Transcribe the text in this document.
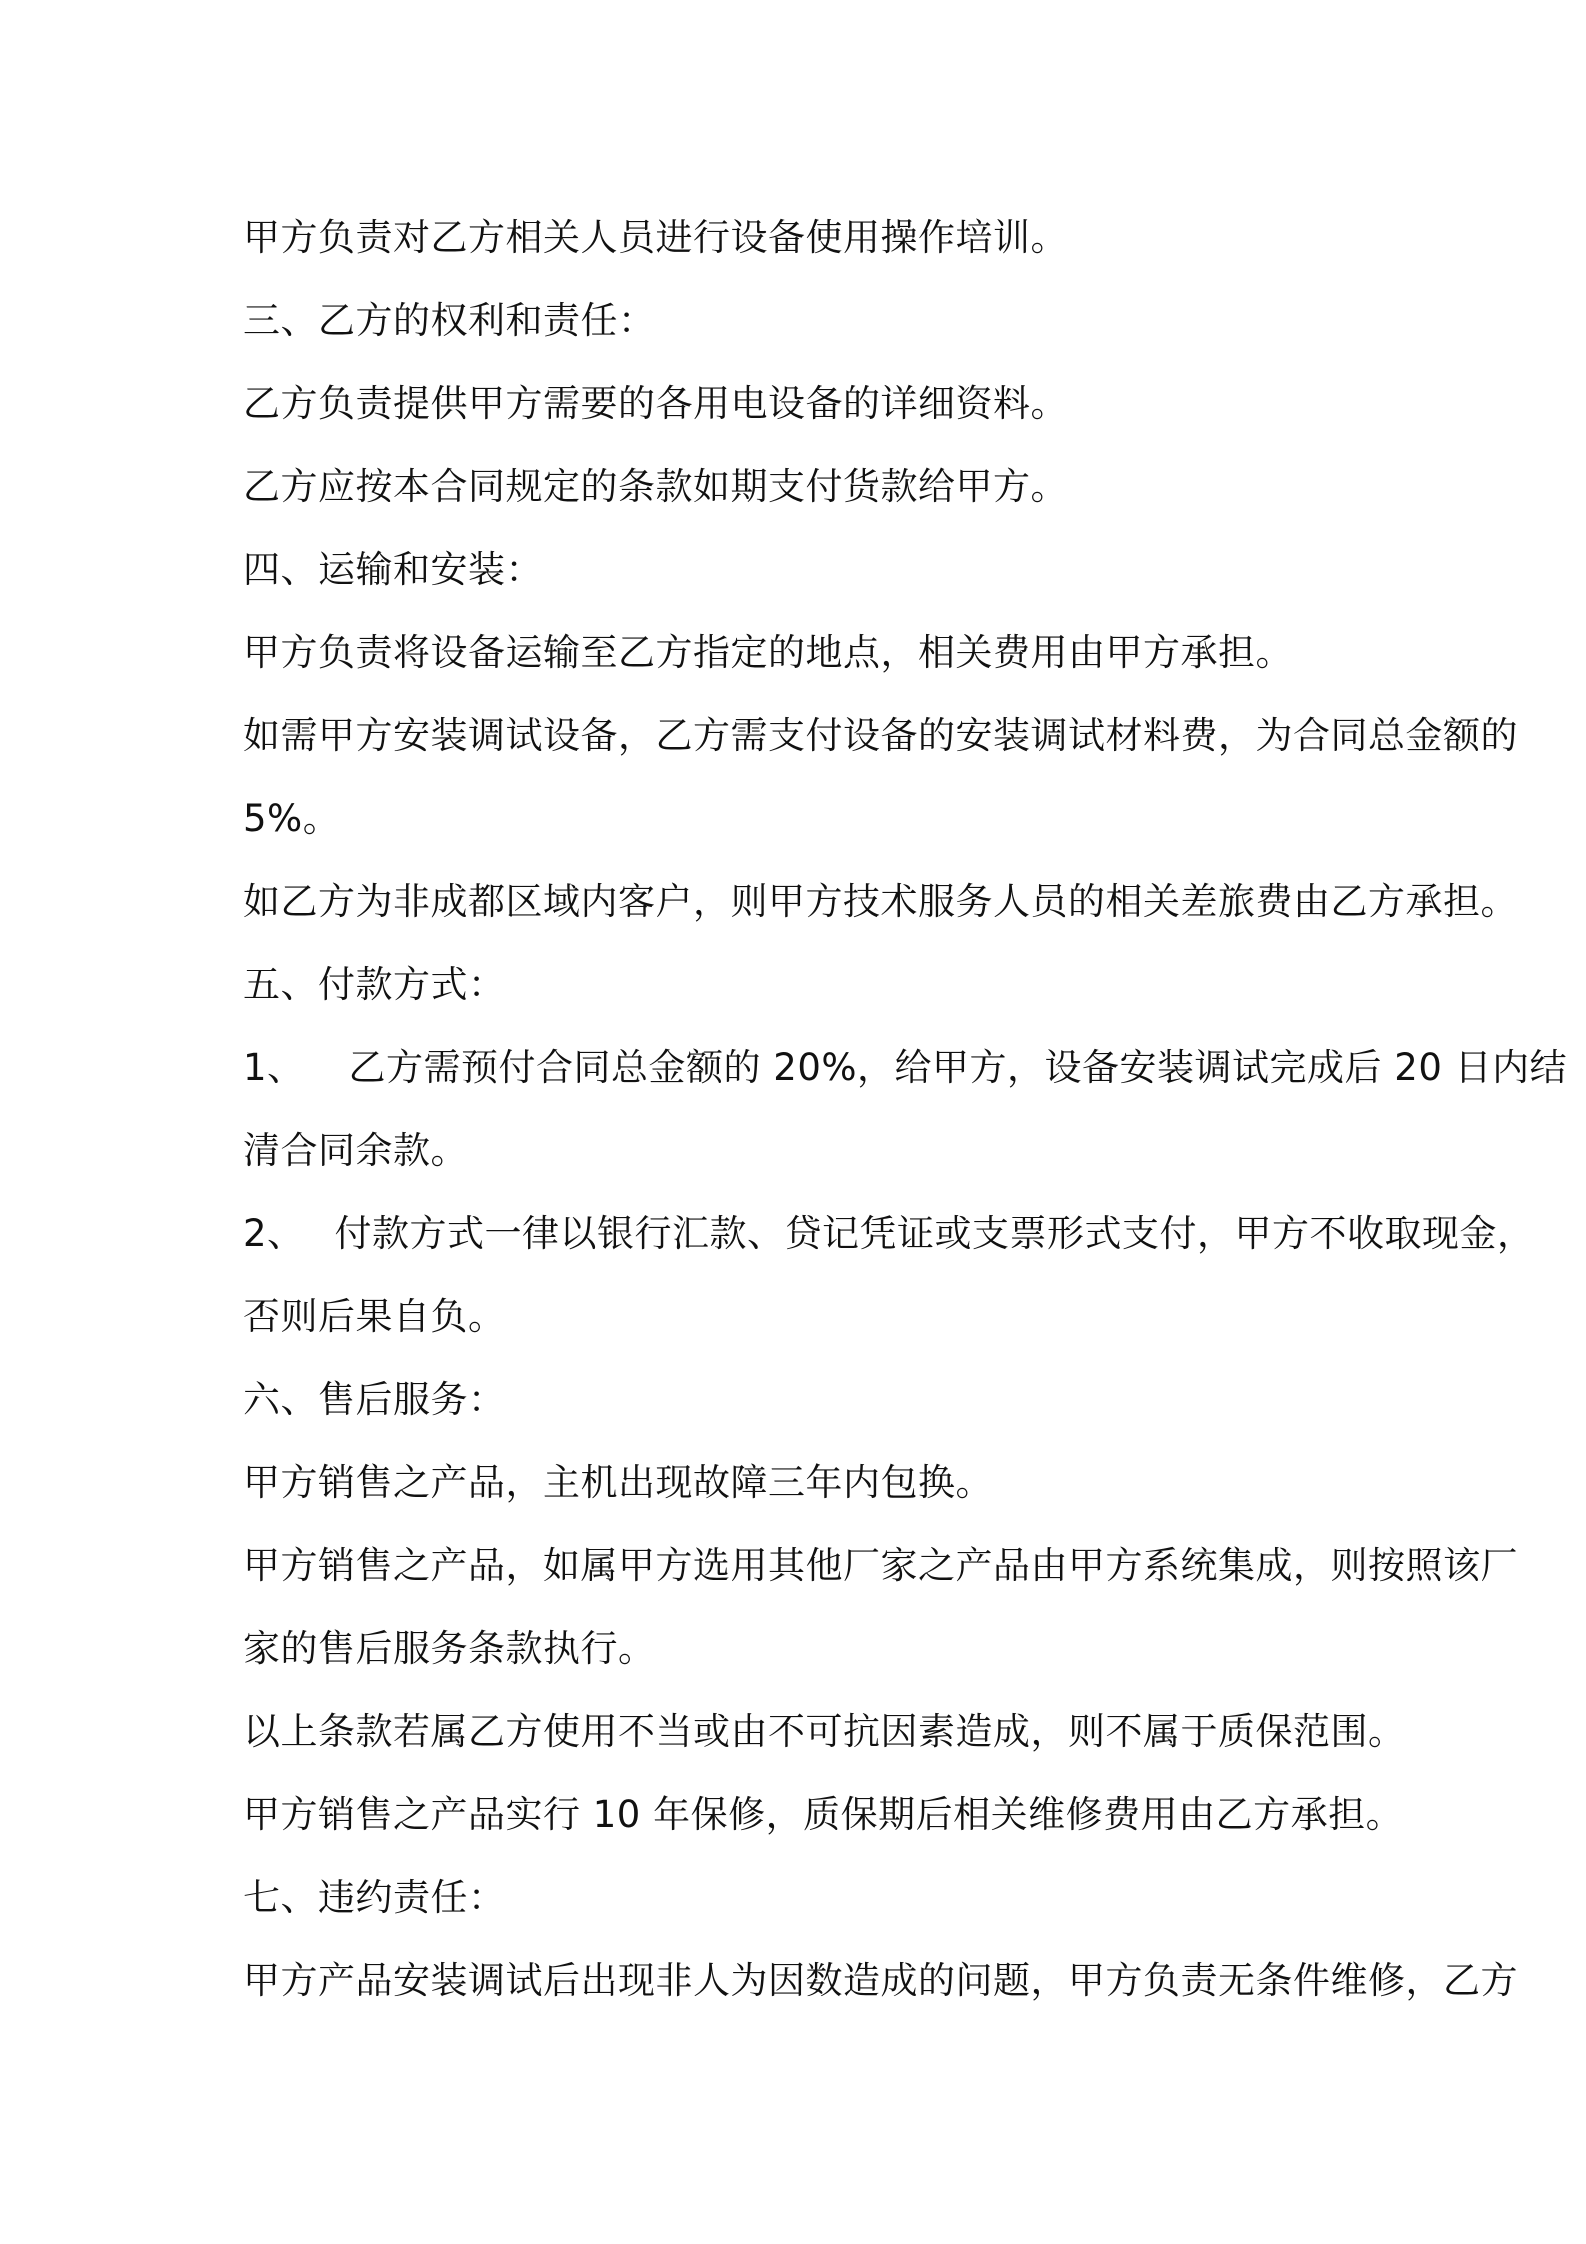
甲方负责对乙方相关人员进行设备使用操作培训。
三、乙方的权利和责任：
乙方负责提供甲方需要的各用电设备的详细资料。
乙方应按本合同规定的条款如期支付货款给甲方。
四、运输和安装：
甲方负责将设备运输至乙方指定的地点，相关费用由甲方承担。
如需甲方安装调试设备，乙方需支付设备的安装调试材料费，为合同总金额的
5%。
如乙方为非成都区域内客户，则甲方技术服务人员的相关差旅费由乙方承担。
五、付款方式：
1、 乙方需预付合同总金额的 20%，给甲方，设备安装调试完成后 20 日内结
清合同余款。
2、 付款方式一律以银行汇款、贷记凭证或支票形式支付，甲方不收取现金，
否则后果自负。
六、售后服务：
甲方销售之产品，主机出现故障三年内包换。
甲方销售之产品，如属甲方选用其他厂家之产品由甲方系统集成，则按照该厂
家的售后服务条款执行。
以上条款若属乙方使用不当或由不可抗因素造成，则不属于质保范围。
甲方销售之产品实行 10 年保修，质保期后相关维修费用由乙方承担。
七、违约责任：
甲方产品安装调试后出现非人为因数造成的问题，甲方负责无条件维修，乙方
